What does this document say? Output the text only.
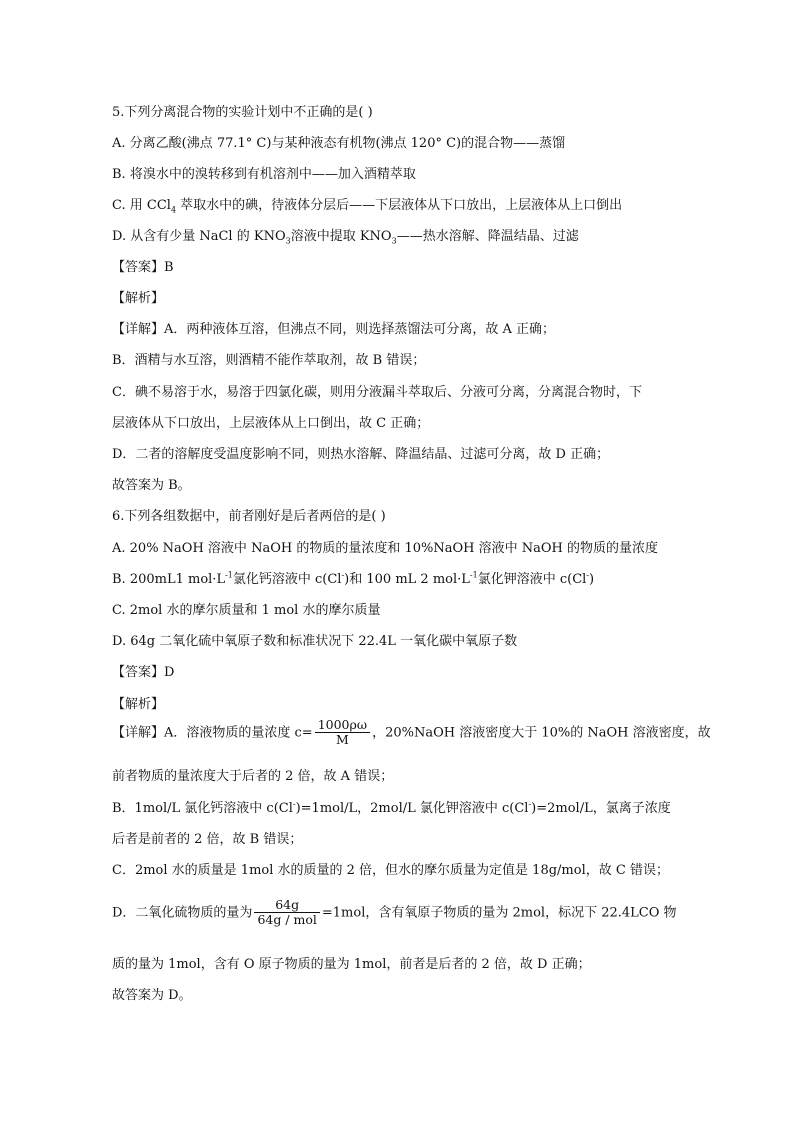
5.下列分离混合物的实验计划中不正确的是( )
A. 分离乙酸(沸点 77.1° C)与某种液态有机物(沸点 120° C)的混合物——蒸馏
B. 将溴水中的溴转移到有机溶剂中——加入酒精萃取
C. 用 CCl$_4$ 萃取水中的碘，待液体分层后——下层液体从下口放出，上层液体从上口倒出
D. 从含有少量 NaCl 的 $KNO_3$溶液中提取 $KNO_3——$热水溶解、降温结晶、过滤
【答案】B
【解析】
【详解】A．两种液体互溶，但沸点不同，则选择蒸馏法可分离，故 A 正确；
B．酒精与水互溶，则酒精不能作萃取剂，故 B 错误；
C．碘不易溶于水，易溶于四氯化碳，则用分液漏斗萃取后、分液可分离，分离混合物时，下
层液体从下口放出，上层液体从上口倒出，故 C 正确；
D．二者的溶解度受温度影响不同，则热水溶解、降温结晶、过滤可分离，故 D 正确；
故答案为 B。
6.下列各组数据中，前者刚好是后者两倍的是( )
A. 20% NaOH 溶液中 NaOH 的物质的量浓度和 10%NaOH 溶液中 NaOH 的物质的量浓度
B. 200mL1 $mol\cdot L^{-1}$氯化钙溶液中 c(Cl-)和 100 mL 2 $mol\cdot L^{-1}$氯化钾溶液中 c(Cl-)
C. 2mol 水的摩尔质量和 1 mol 水的摩尔质量
D. 64g 二氧化硫中氧原子数和标准状况下 22.4L 一氧化碳中氧原子数
【答案】D
【解析】
【详解】A．溶液物质的量浓度 $c= \frac{1000\rho\omega}{M}$ ，20%NaOH 溶液密度大于 10%的 NaOH 溶液密度，故
前者物质的量浓度大于后者的 2 倍，故 A 错误；
B．1mol/L 氯化钙溶液中 c(Cl-)=1mol/L，2mol/L 氯化钾溶液中 c(Cl-)=2mol/L，氯离子浓度
后者是前者的 2 倍，故 B 错误；
C．2mol 水的质量是 1mol 水的质量的 2 倍，但水的摩尔质量为定值是 18g/mol，故 C 错误；
D．二氧化硫物质的量为 $\frac{64g}{\text{64g / mol}} =1mol$，含有氧原子物质的量为 2mol，标况下 22.4LCO 物
质的量为 1mol，含有 O 原子物质的量为 1mol，前者是后者的 2 倍，故 D 正确；
故答案为 D。
